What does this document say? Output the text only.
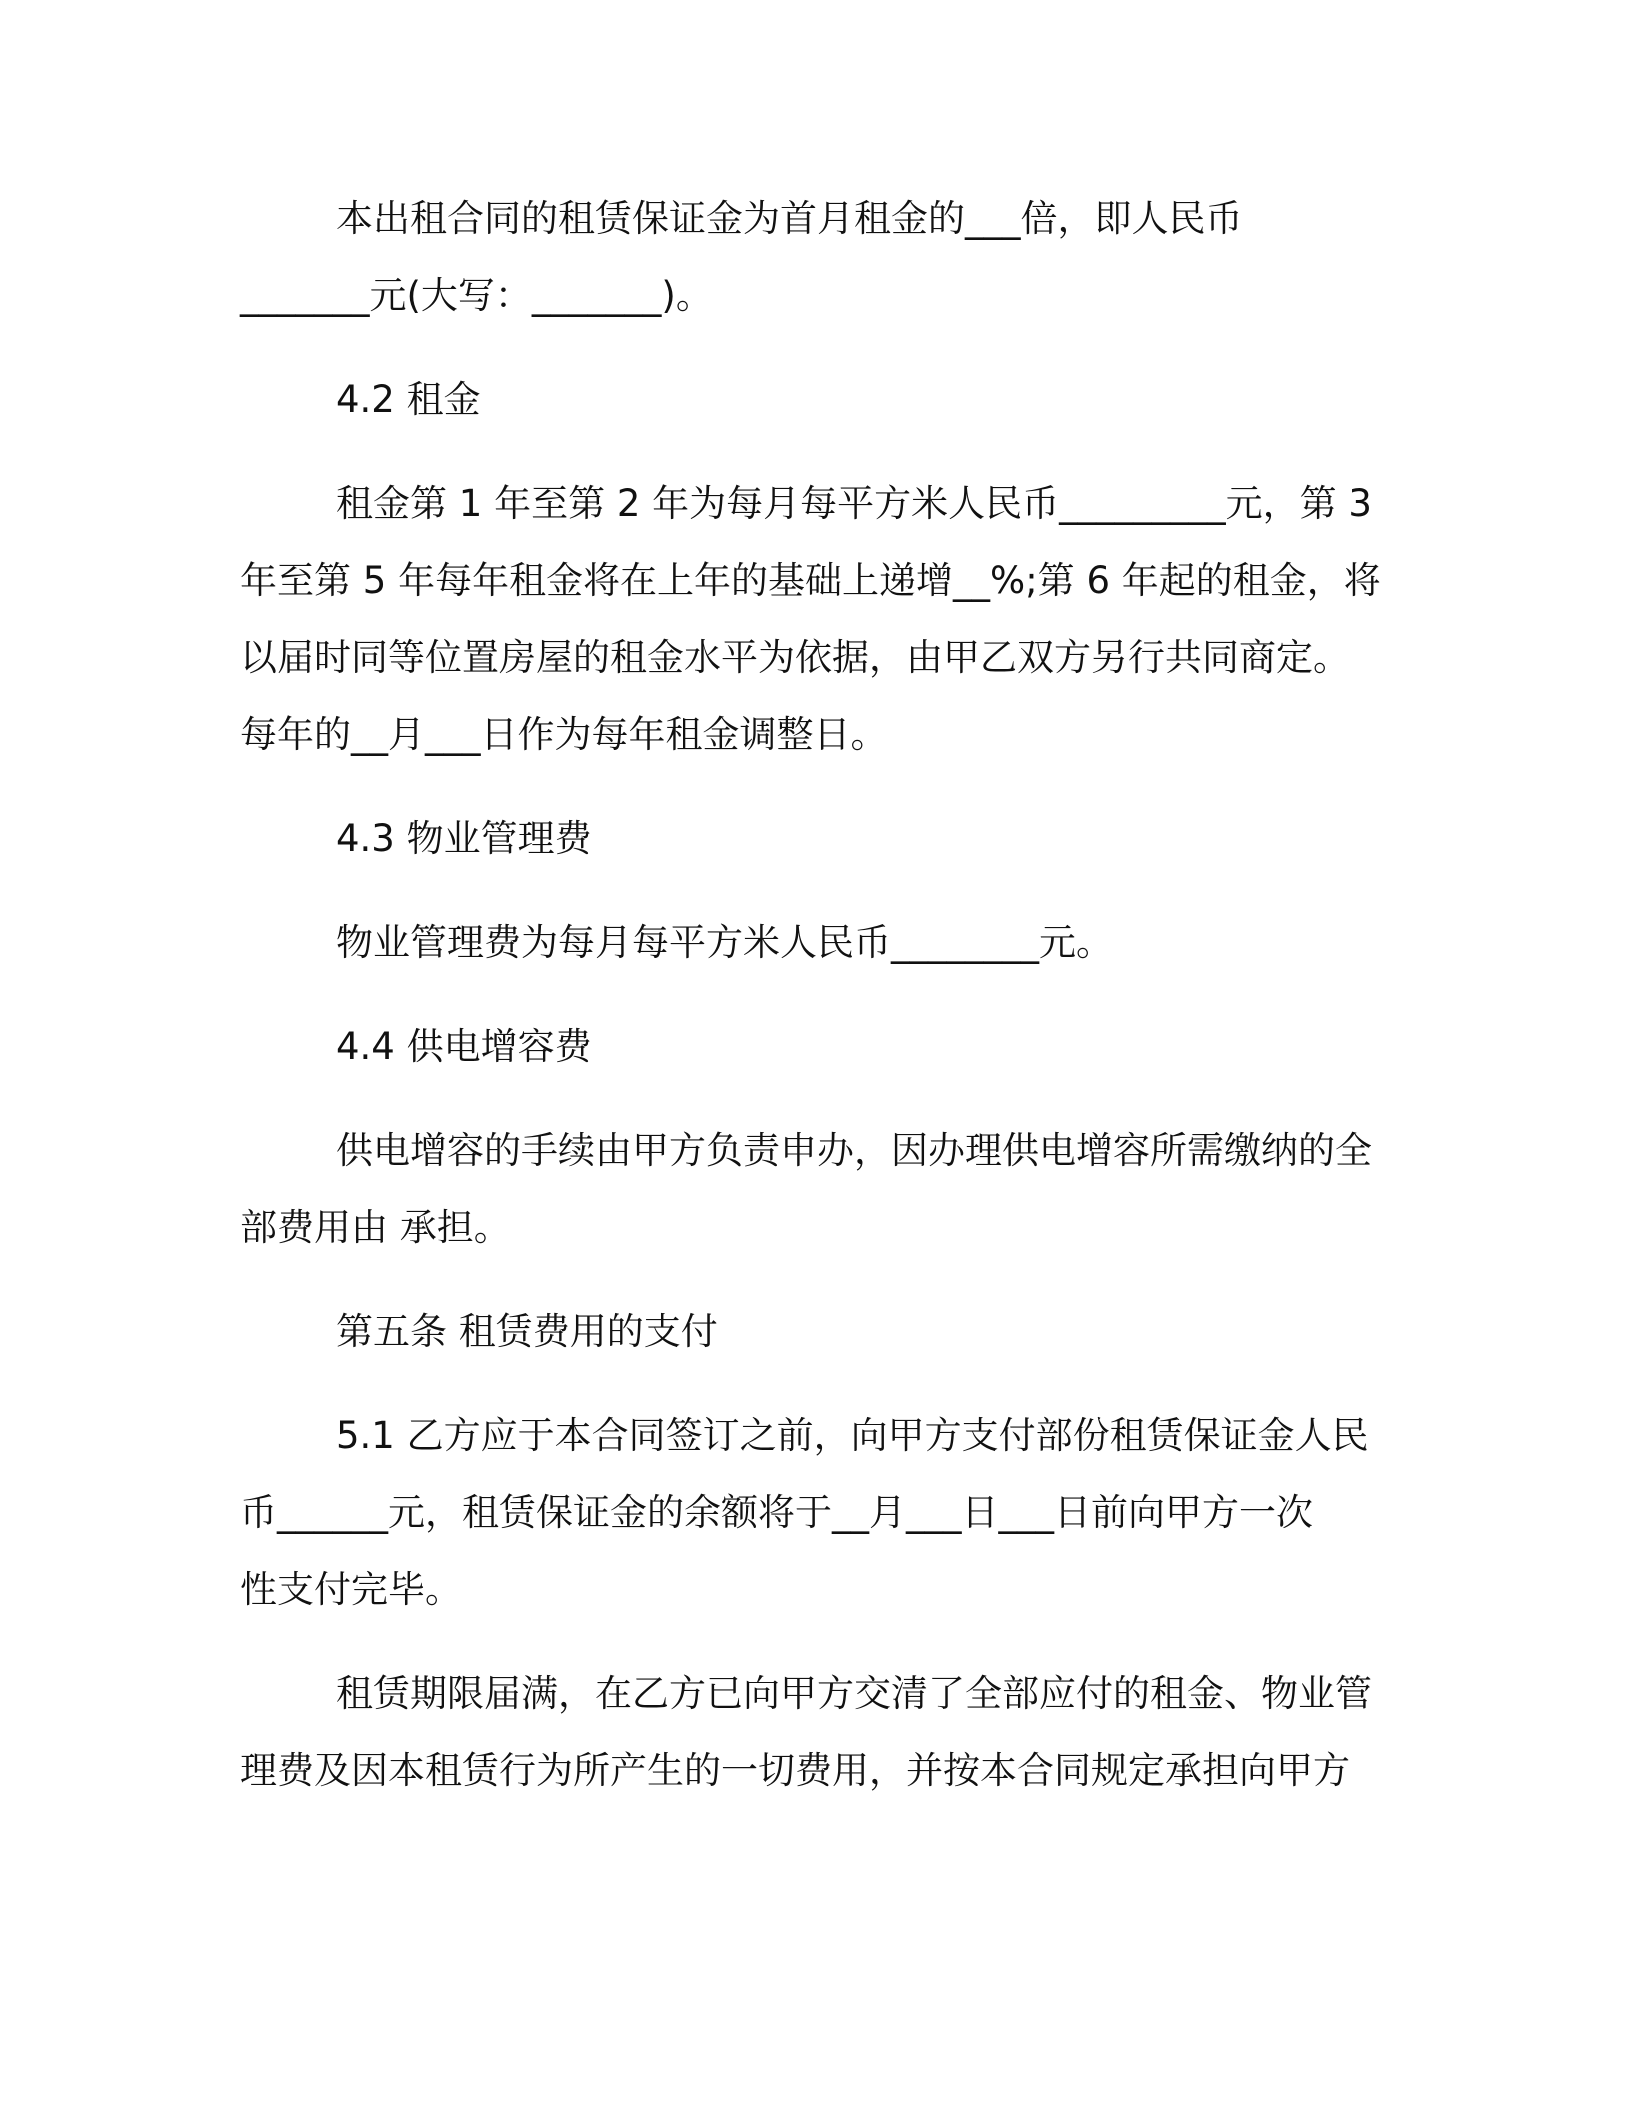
本出租合同的租赁保证金为首月租金的___倍，即人民币
_______元(大写：_______)。
4.2 租金
租金第 1 年至第 2 年为每月每平方米人民币_________元，第 3
年至第 5 年每年租金将在上年的基础上递增__%;第 6 年起的租金，将
以届时同等位置房屋的租金水平为依据，由甲乙双方另行共同商定。
每年的__月___日作为每年租金调整日。
4.3 物业管理费
物业管理费为每月每平方米人民币________元。
4.4 供电增容费
供电增容的手续由甲方负责申办，因办理供电增容所需缴纳的全
部费用由 承担。
第五条 租赁费用的支付
5.1 乙方应于本合同签订之前，向甲方支付部份租赁保证金人民
币______元，租赁保证金的余额将于__月___日___日前向甲方一次
性支付完毕。
租赁期限届满，在乙方已向甲方交清了全部应付的租金、物业管
理费及因本租赁行为所产生的一切费用，并按本合同规定承担向甲方
